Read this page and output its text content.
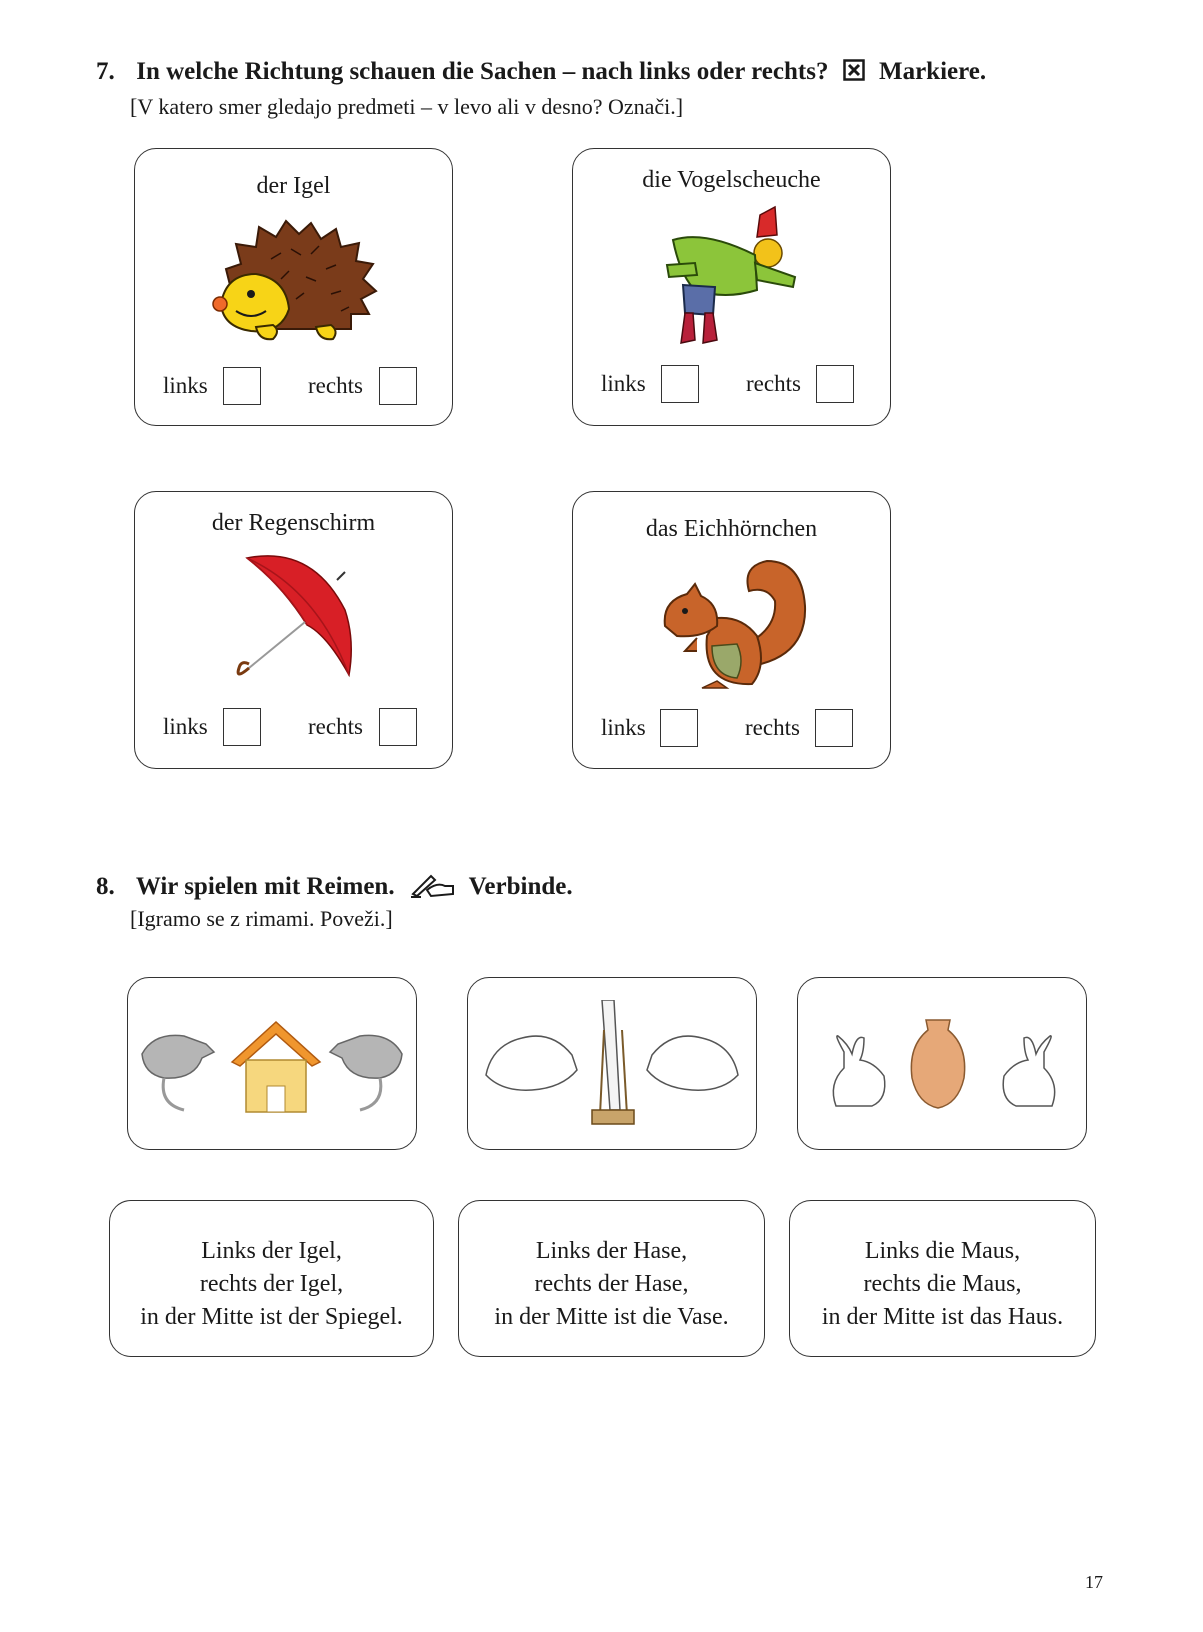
7. In welche Richtung schauen die Sachen – nach links oder rechts? Markiere.
[V katero smer gledajo predmeti – v levo ali v desno? Označi.]
der Igel
links	rechts
die Vogelscheuche
links	rechts
der Regenschirm
links	rechts
das Eichhörnchen
links	rechts
8. Wir spielen mit Reimen.	Verbinde.
[Igramo se z rimami. Poveži.]
Links der Igel,
rechts der Igel,
in der Mitte ist der Spiegel.
Links der Hase,
rechts der Hase,
in der Mitte ist die Vase.
Links die Maus,
rechts die Maus,
in der Mitte ist das Haus.
17
